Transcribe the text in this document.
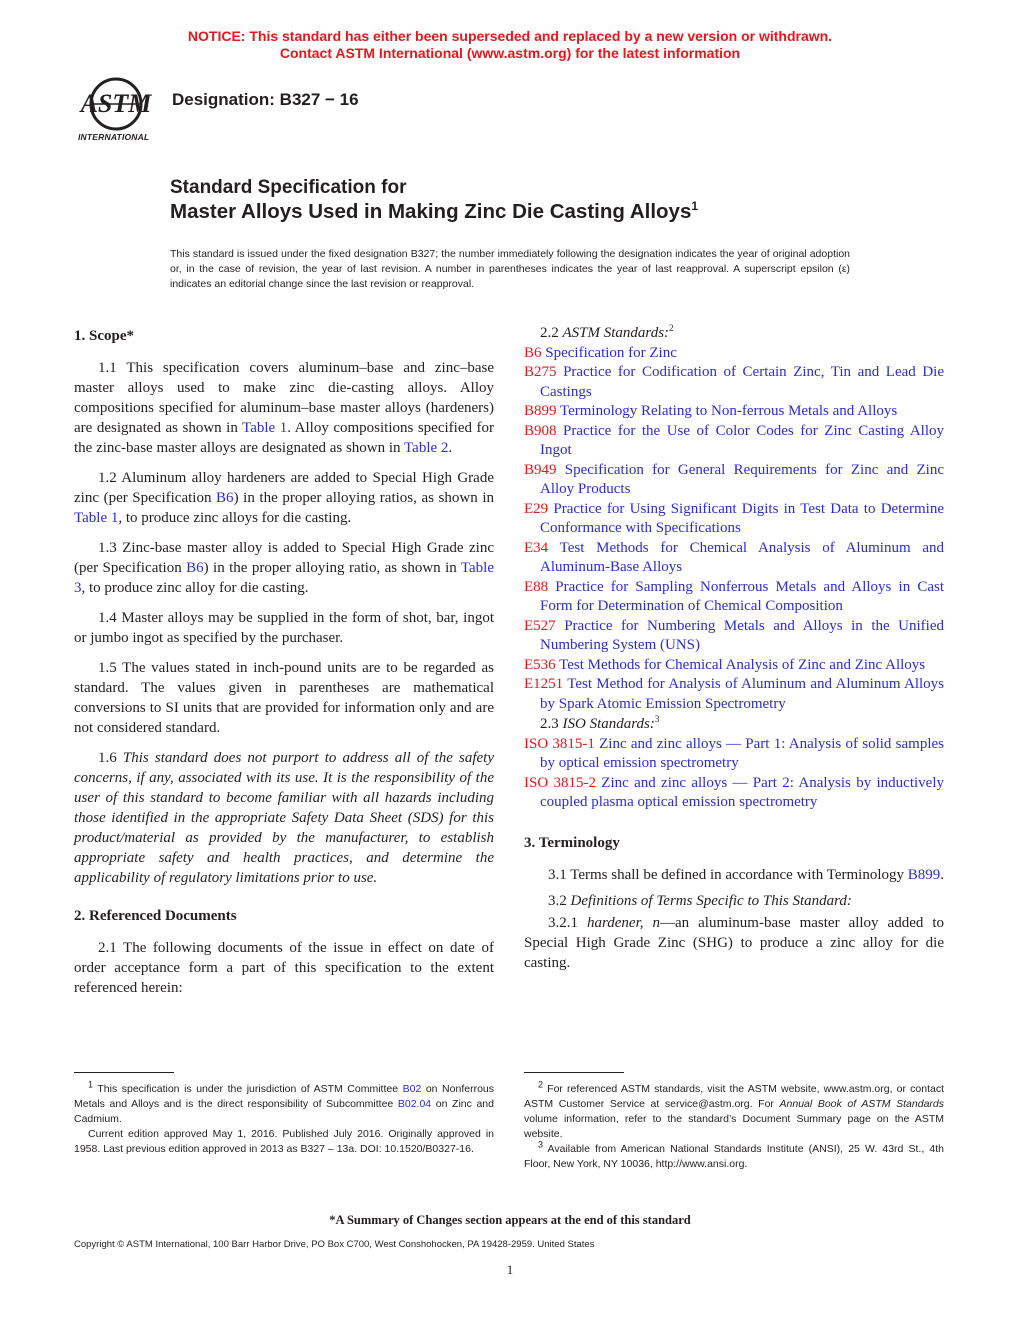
NOTICE: This standard has either been superseded and replaced by a new version or withdrawn.
Contact ASTM International (www.astm.org) for the latest information
ASTM
INTERNATIONAL
Designation: B327 − 16
Standard Specification for
Master Alloys Used in Making Zinc Die Casting Alloys$^1$
This standard is issued under the fixed designation B327; the number immediately following the designation indicates the year of original adoption or, in the case of revision, the year of last revision. A number in parentheses indicates the year of last reapproval. A superscript epsilon (ε) indicates an editorial change since the last revision or reapproval.
1. Scope*

1.1 This specification covers aluminum–base and zinc–base master alloys used to make zinc die-casting alloys. Alloy compositions specified for aluminum–base master alloys (hardeners) are designated as shown in Table 1. Alloy compositions specified for the zinc-base master alloys are designated as shown in Table 2.

1.2 Aluminum alloy hardeners are added to Special High Grade zinc (per Specification B6) in the proper alloying ratios, as shown in Table 1, to produce zinc alloys for die casting.

1.3 Zinc-base master alloy is added to Special High Grade zinc (per Specification B6) in the proper alloying ratio, as shown in Table 3, to produce zinc alloy for die casting.

1.4 Master alloys may be supplied in the form of shot, bar, ingot or jumbo ingot as specified by the purchaser.

1.5 The values stated in inch-pound units are to be regarded as standard. The values given in parentheses are mathematical conversions to SI units that are provided for information only and are not considered standard.

1.6 This standard does not purport to address all of the safety concerns, if any, associated with its use. It is the responsibility of the user of this standard to become familiar with all hazards including those identified in the appropriate Safety Data Sheet (SDS) for this product/material as provided by the manufacturer, to establish appropriate safety and health practices, and determine the applicability of regulatory limitations prior to use.

2. Referenced Documents

2.1 The following documents of the issue in effect on date of order acceptance form a part of this specification to the extent referenced herein:

2.2 ASTM Standards:$^2$

B6 Specification for Zinc

B275 Practice for Codification of Certain Zinc, Tin and Lead Die Castings

B899 Terminology Relating to Non-ferrous Metals and Alloys

B908 Practice for the Use of Color Codes for Zinc Casting Alloy Ingot

B949 Specification for General Requirements for Zinc and Zinc Alloy Products

E29 Practice for Using Significant Digits in Test Data to Determine Conformance with Specifications

E34 Test Methods for Chemical Analysis of Aluminum and Aluminum-Base Alloys

E88 Practice for Sampling Nonferrous Metals and Alloys in Cast Form for Determination of Chemical Composition

E527 Practice for Numbering Metals and Alloys in the Unified Numbering System (UNS)

E536 Test Methods for Chemical Analysis of Zinc and Zinc Alloys

E1251 Test Method for Analysis of Aluminum and Aluminum Alloys by Spark Atomic Emission Spectrometry

2.3 ISO Standards:$^3$

ISO 3815-1 Zinc and zinc alloys — Part 1: Analysis of solid samples by optical emission spectrometry

ISO 3815-2 Zinc and zinc alloys — Part 2: Analysis by inductively coupled plasma optical emission spectrometry

3. Terminology

3.1 Terms shall be defined in accordance with Terminology B899.

3.2 Definitions of Terms Specific to This Standard:

3.2.1 hardener, n—an aluminum-base master alloy added to Special High Grade Zinc (SHG) to produce a zinc alloy for die casting.

$^1$ This specification is under the jurisdiction of ASTM Committee B02 on Nonferrous Metals and Alloys and is the direct responsibility of Subcommittee B02.04 on Zinc and Cadmium.

Current edition approved May 1, 2016. Published July 2016. Originally approved in 1958. Last previous edition approved in 2013 as B327 – 13a. DOI: 10.1520/B0327-16.

$^2$ For referenced ASTM standards, visit the ASTM website, www.astm.org, or contact ASTM Customer Service at service@astm.org. For Annual Book of ASTM Standards volume information, refer to the standard’s Document Summary page on the ASTM website.

$^3$ Available from American National Standards Institute (ANSI), 25 W. 43rd St., 4th Floor, New York, NY 10036, http://www.ansi.org.

*A Summary of Changes section appears at the end of this standard
Copyright © ASTM International, 100 Barr Harbor Drive, PO Box C700, West Conshohocken, PA 19428-2959. United States
1
